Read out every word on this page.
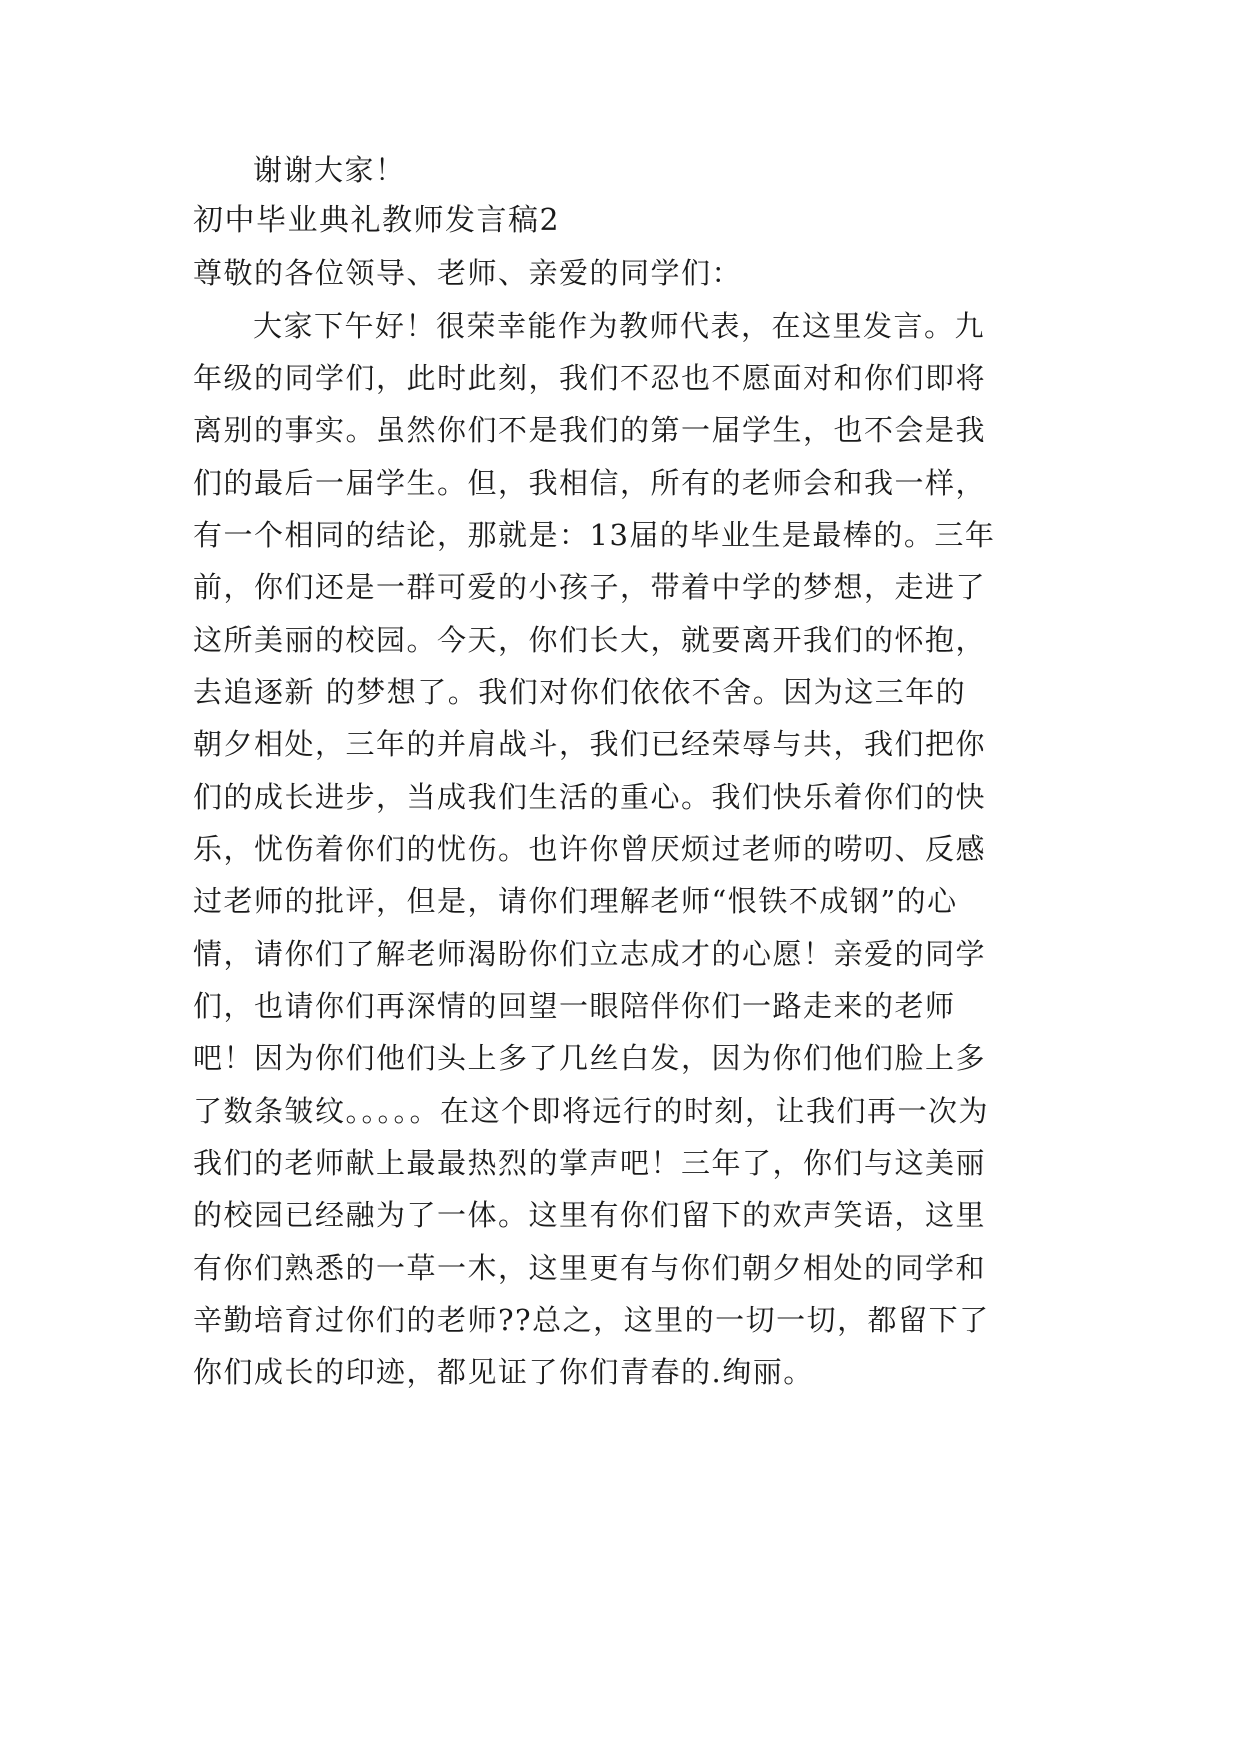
谢谢大家！

初中毕业典礼教师发言稿2

尊敬的各位领导、老师、亲爱的同学们：

大家下午好！很荣幸能作为教师代表，在这里发言。九

年级的同学们，此时此刻，我们不忍也不愿面对和你们即将

离别的事实。虽然你们不是我们的第一届学生，也不会是我

们的最后一届学生。但，我相信，所有的老师会和我一样，

有一个相同的结论，那就是：13届的毕业生是最棒的。三年

前，你们还是一群可爱的小孩子，带着中学的梦想，走进了

这所美丽的校园。今天，你们长大，就要离开我们的怀抱，

去追逐新 的梦想了。我们对你们依依不舍。因为这三年的

朝夕相处，三年的并肩战斗，我们已经荣辱与共，我们把你

们的成长进步，当成我们生活的重心。我们快乐着你们的快

乐，忧伤着你们的忧伤。也许你曾厌烦过老师的唠叨、反感

过老师的批评，但是，请你们理解老师“恨铁不成钢”的心

情，请你们了解老师渴盼你们立志成才的心愿！亲爱的同学

们，也请你们再深情的回望一眼陪伴你们一路走来的老师

吧！因为你们他们头上多了几丝白发，因为你们他们脸上多

了数条皱纹。。。。。在这个即将远行的时刻，让我们再一次为

我们的老师献上最最热烈的掌声吧！三年了，你们与这美丽

的校园已经融为了一体。这里有你们留下的欢声笑语，这里

有你们熟悉的一草一木，这里更有与你们朝夕相处的同学和

辛勤培育过你们的老师??总之，这里的一切一切，都留下了

你们成长的印迹，都见证了你们青春的.绚丽。
